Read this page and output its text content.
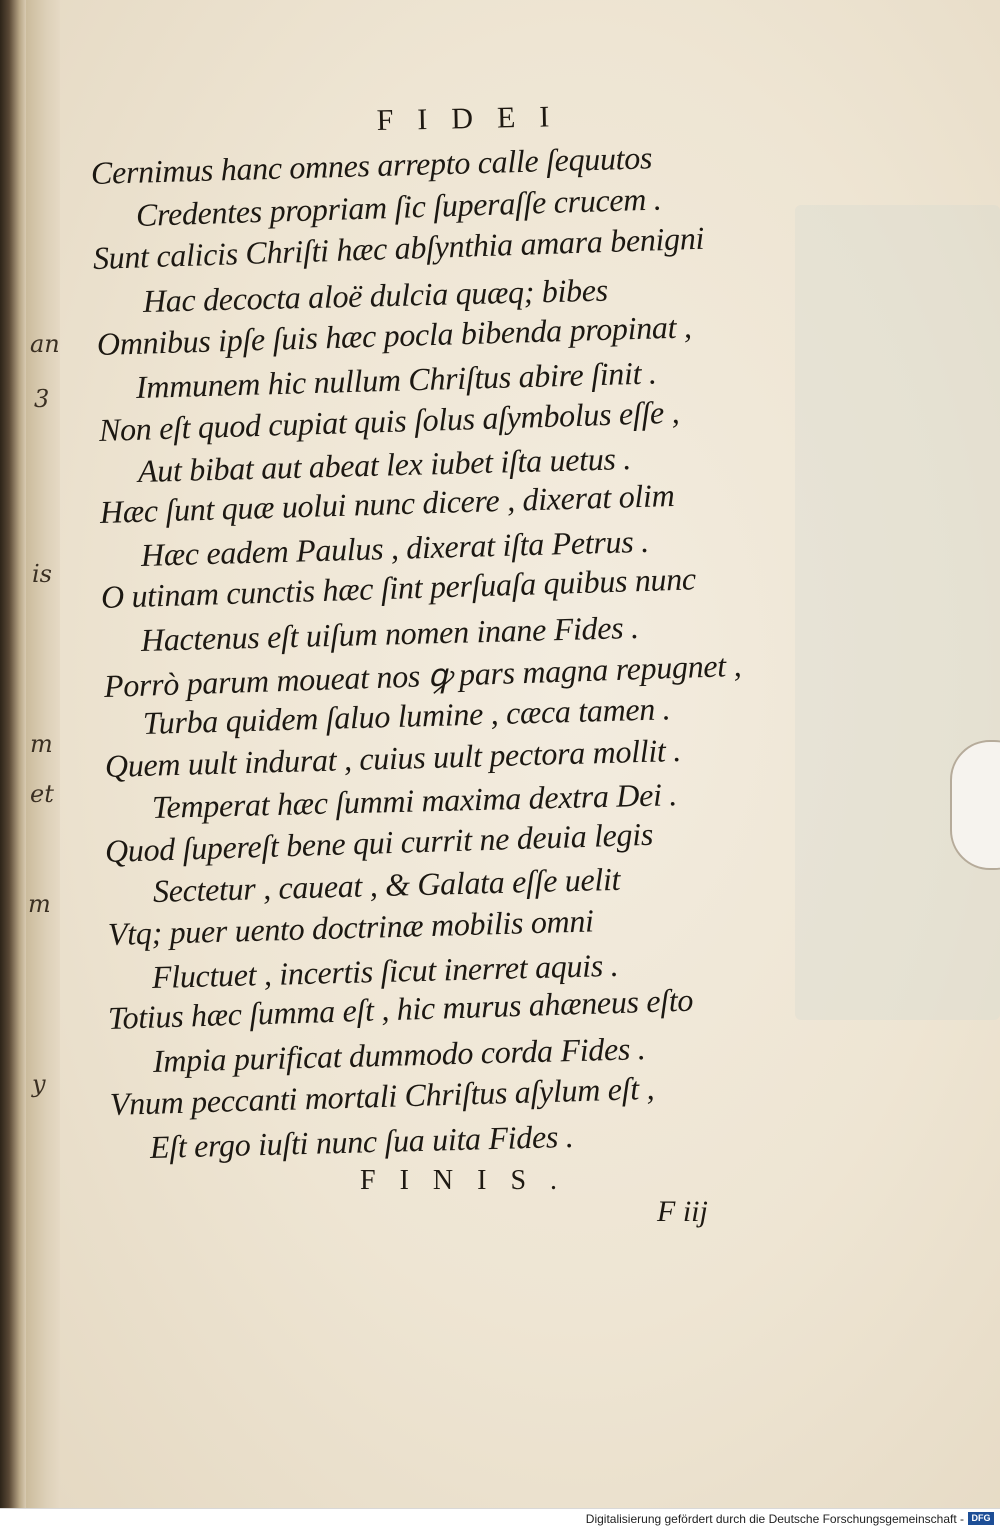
an
3
is
m
et
m
y
FIDEI
Cernimus hanc omnes arrepto calle ſequutos
Credentes propriam ſic ſuperaſſe crucem .
Sunt calicis Chriſti hæc abſynthia amara benigni
Hac decocta aloë dulcia quæq; bibes
Omnibus ipſe ſuis hæc pocla bibenda propinat ,
Immunem hic nullum Chriſtus abire ſinit .
Non eſt quod cupiat quis ſolus aſymbolus eſſe ,
Aut bibat aut abeat lex iubet iſta uetus .
Hæc ſunt quæ uolui nunc dicere , dixerat olim
Hæc eadem Paulus , dixerat iſta Petrus .
O utinam cunctis hæc ſint perſuaſa quibus nunc
Hactenus eſt uiſum nomen inane Fides .
Porrò parum moueat nos ꝙ pars magna repugnet ,
Turba quidem ſaluo lumine , cæca tamen .
Quem uult indurat , cuius uult pectora mollit .
Temperat hæc ſummi maxima dextra Dei .
Quod ſupereſt bene qui currit ne deuia legis
Sectetur , caueat , & Galata eſſe uelit
Vtq; puer uento doctrinæ mobilis omni
Fluctuet , incertis ſicut inerret aquis .
Totius hæc ſumma eſt , hic murus ahæneus eſto
Impia purificat dummodo corda Fides .
Vnum peccanti mortali Chriſtus aſylum eſt ,
Eſt ergo iuſti nunc ſua uita Fides .
FINIS.
F iij
Digitalisierung gefördert durch die Deutsche Forschungsgemeinschaft - DFG
